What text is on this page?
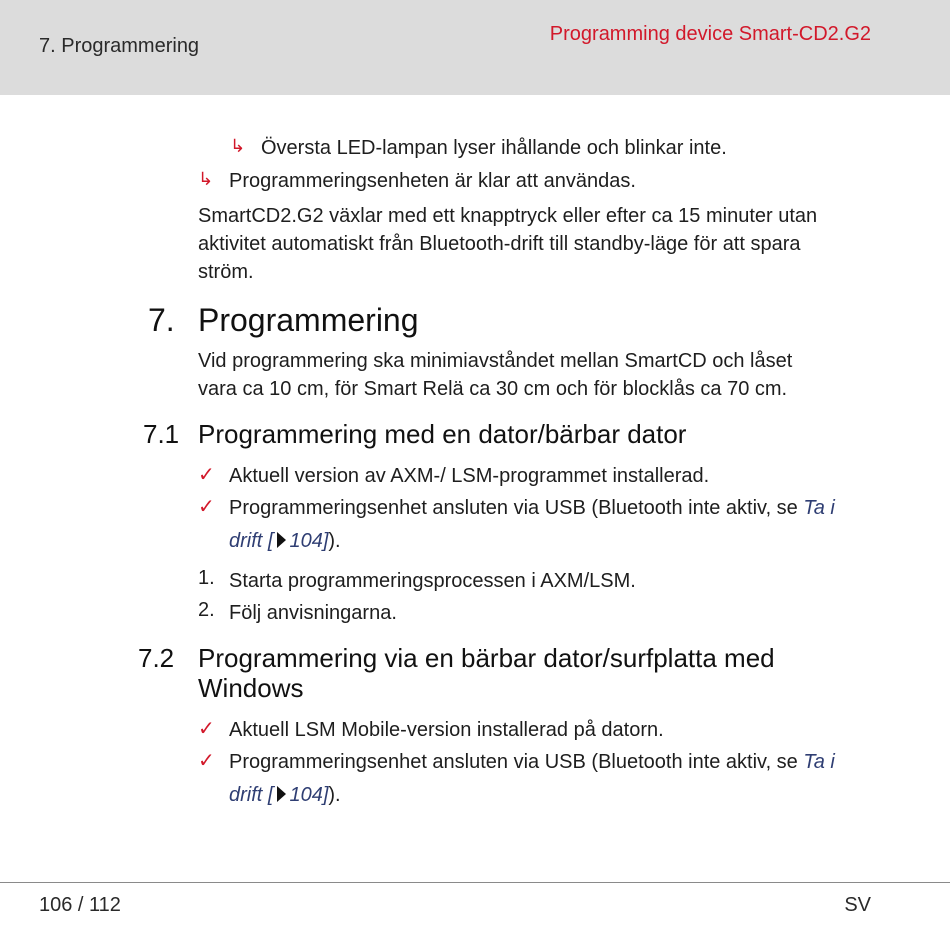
7. Programmering
Programming device Smart-CD2.G2
↳ Översta LED-lampan lyser ihållande och blinkar inte.
↳ Programmeringsenheten är klar att användas.
SmartCD2.G2 växlar med ett knapptryck eller efter ca 15 minuter utan
aktivitet automatiskt från Bluetooth-drift till standby-läge för att spara
ström.
7. Programmering
Vid programmering ska minimiavståndet mellan SmartCD och låset
vara ca 10 cm, för Smart Relä ca 30 cm och för blocklås ca 70 cm.
7.1 Programmering med en dator/bärbar dator
✓ Aktuell version av AXM-/ LSM-programmet installerad.
✓ Programmeringsenhet ansluten via USB (Bluetooth inte aktiv, se Ta i
drift [ 104]).
1. Starta programmeringsprocessen i AXM/LSM.
2. Följ anvisningarna.
7.2 Programmering via en bärbar dator/surfplatta med
Windows
✓ Aktuell LSM Mobile-version installerad på datorn.
✓ Programmeringsenhet ansluten via USB (Bluetooth inte aktiv, se Ta i
drift [ 104]).
106 / 112	SV
